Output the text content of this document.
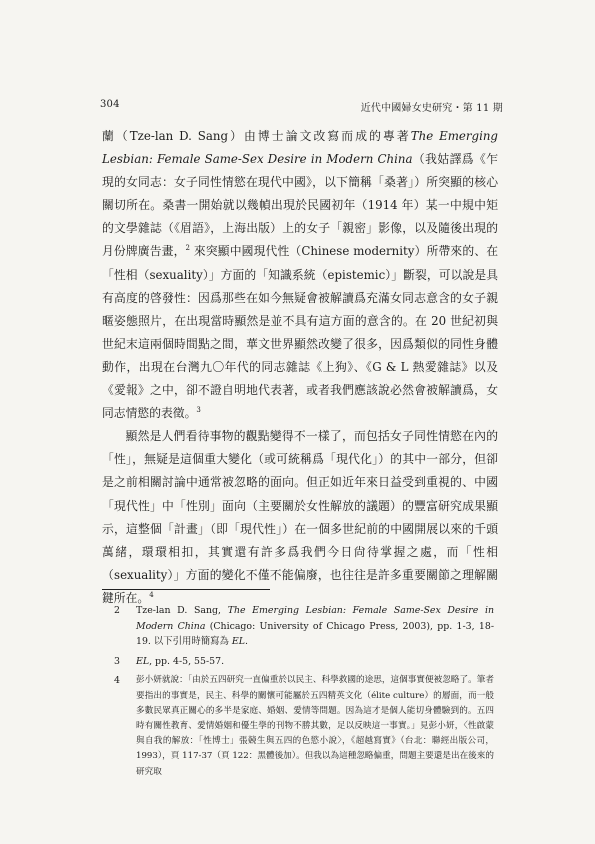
304	近代中國婦女史研究・第 11 期

蘭（Tze-lan D. Sang）由博士論文改寫而成的專著The Emerging Lesbian: Female Same-Sex Desire in Modern China（我姑譯爲《乍現的女同志：女子同性情慾在現代中國》，以下簡稱「桑著」）所突顯的核心關切所在。桑書一開始就以幾幀出現於民國初年（1914 年）某一中規中矩的文學雜誌（《眉語》，上海出版）上的女子「親密」影像，以及隨後出現的月份牌廣告畫，$^2$ 來突顯中國現代性（Chinese modernity）所帶來的、在「性相（sexuality）」方面的「知識系統（epistemic）」斷裂，可以說是具有高度的啓發性：因爲那些在如今無疑會被解讀爲充滿女同志意含的女子親暱姿態照片，在出現當時顯然是並不具有這方面的意含的。在 20 世紀初與世紀末這兩個時間點之間，華文世界顯然改變了很多，因爲類似的同性身體動作，出現在台灣九〇年代的同志雜誌《上狗》、《G & L 熱愛雜誌》以及《愛報》之中，卻不證自明地代表著，或者我們應該說必然會被解讀爲，女同志情慾的表徵。$^3$

顯然是人們看待事物的觀點變得不一樣了，而包括女子同性情慾在內的「性」，無疑是這個重大變化（或可統稱爲「現代化」）的其中一部分，但卻是之前相關討論中通常被忽略的面向。但正如近年來日益受到重視的、中國「現代性」中「性別」面向（主要關於女性解放的議題）的豐富研究成果顯示，這整個「計畫」（即「現代性」）在一個多世紀前的中國開展以來的千頭萬緒，環環相扣，其實還有許多爲我們今日尙待掌握之處，而「性相（sexuality）」方面的變化不僅不能偏廢，也往往是許多重要關節之理解關鍵所在。$^4$

2	Tze-lan D. Sang, The Emerging Lesbian: Female Same-Sex Desire in Modern China (Chicago: University of Chicago Press, 2003), pp. 1-3, 18-19. 以下引用時簡寫為 EL.
3	EL, pp. 4-5, 55-57.
4	彭小妍就說：「由於五四研究一直偏重於以民主、科學救國的途思，這個事實便被忽略了。筆者要指出的事實是，民主、科學的關懷可能屬於五四精英文化（élite culture）的層面，而一般多數民眾真正關心的多半是家庭、婚姻、愛情等問題。因為這才是個人能切身體驗到的。五四時有關性教育、愛情婚姻和優生學的刊物不勝其數，足以反映這一事實。」見彭小妍，〈性啟蒙與自我的解放：「性博士」張競生與五四的色慾小說〉，《超越寫實》（台北：聯經出版公司，1993），頁 117-37（頁 122：黑體後加）。但我以為這種忽略偏重，問題主要還是出在後來的研究取
